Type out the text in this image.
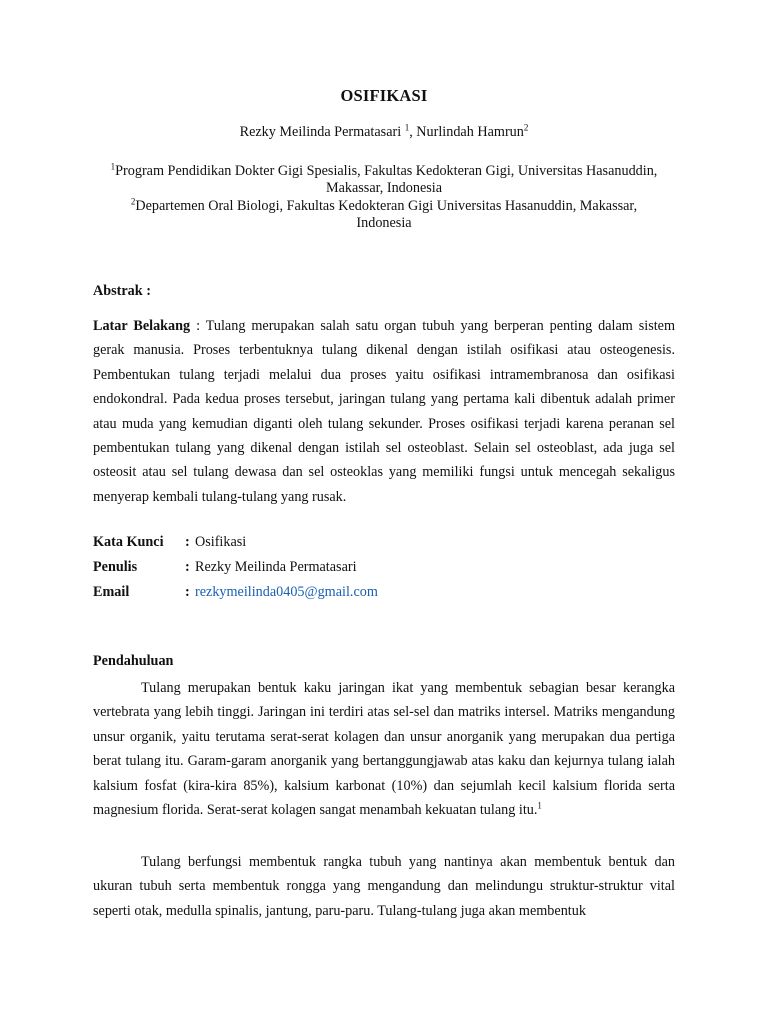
OSIFIKASI
Rezky Meilinda Permatasari $^1$, Nurlindah Hamrun$^2$
$^1$Program Pendidikan Dokter Gigi Spesialis, Fakultas Kedokteran Gigi, Universitas Hasanuddin, Makassar, Indonesia
$^2$Departemen Oral Biologi, Fakultas Kedokteran Gigi Universitas Hasanuddin, Makassar, Indonesia
Abstrak :
Latar Belakang : Tulang merupakan salah satu organ tubuh yang berperan penting dalam sistem gerak manusia. Proses terbentuknya tulang dikenal dengan istilah osifikasi atau osteogenesis. Pembentukan tulang terjadi melalui dua proses yaitu osifikasi intramembranosa dan osifikasi endokondral. Pada kedua proses tersebut, jaringan tulang yang pertama kali dibentuk adalah primer atau muda yang kemudian diganti oleh tulang sekunder. Proses osifikasi terjadi karena peranan sel pembentukan tulang yang dikenal dengan istilah sel osteoblast. Selain sel osteoblast, ada juga sel osteosit atau sel tulang dewasa dan sel osteoklas yang memiliki fungsi untuk mencegah sekaligus menyerap kembali tulang-tulang yang rusak.
Kata Kunci : Osifikasi
Penulis	: Rezky Meilinda Permatasari
Email	: rezkymeilinda0405@gmail.com
Pendahuluan
Tulang merupakan bentuk kaku jaringan ikat yang membentuk sebagian besar kerangka vertebrata yang lebih tinggi. Jaringan ini terdiri atas sel-sel dan matriks intersel. Matriks mengandung unsur organik, yaitu terutama serat-serat kolagen dan unsur anorganik yang merupakan dua pertiga berat tulang itu. Garam-garam anorganik yang bertanggungjawab atas kaku dan kejurnya tulang ialah kalsium fosfat (kira-kira 85%), kalsium karbonat (10%) dan sejumlah kecil kalsium florida serta magnesium florida. Serat-serat kolagen sangat menambah kekuatan tulang itu.$^1$
Tulang berfungsi membentuk rangka tubuh yang nantinya akan membentuk bentuk dan ukuran tubuh serta membentuk rongga yang mengandung dan melindungu struktur-struktur vital seperti otak, medulla spinalis, jantung, paru-paru. Tulang-tulang juga akan membentuk
